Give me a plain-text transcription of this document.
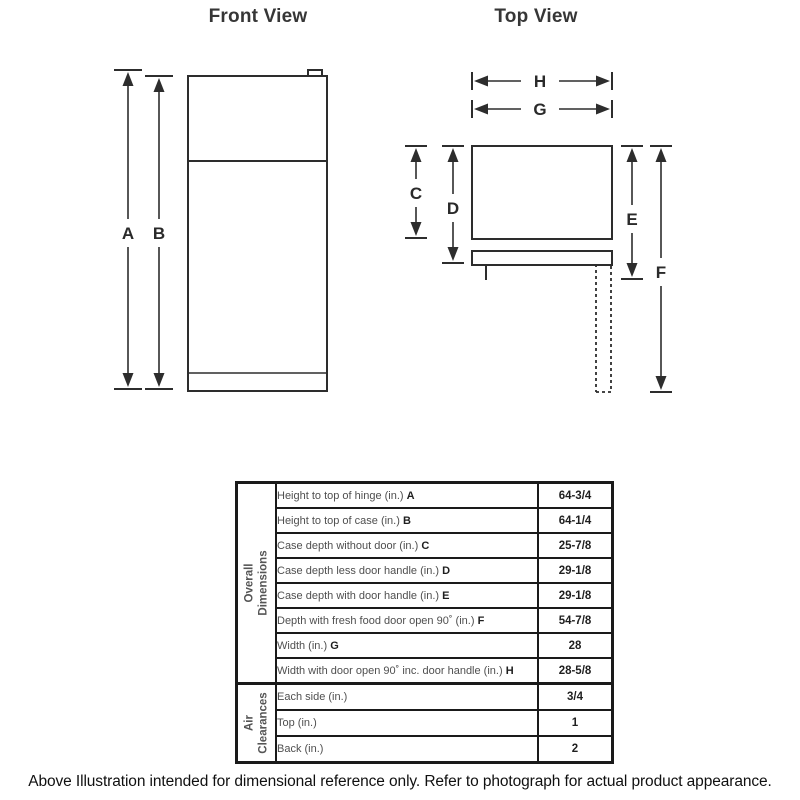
Front View	Top View
A B
H
G
C
D
E
F
Overall Dimensions	Height to top of hinge (in.) A	64-3/4
	Height to top of case (in.) B	64-1/4
	Case depth without door (in.) C	25-7/8
	Case depth less door handle (in.) D	29-1/8
	Case depth with door handle (in.) E	29-1/8
	Depth with fresh food door open 90˚ (in.) F	54-7/8
	Width (in.) G	28
	Width with door open 90˚ inc. door handle (in.) H	28-5/8

Air Clearances	Each side (in.)	3/4
	Top (in.)	1
	Back (in.)	2
Above Illustration intended for dimensional reference only. Refer to photograph for actual product appearance.
